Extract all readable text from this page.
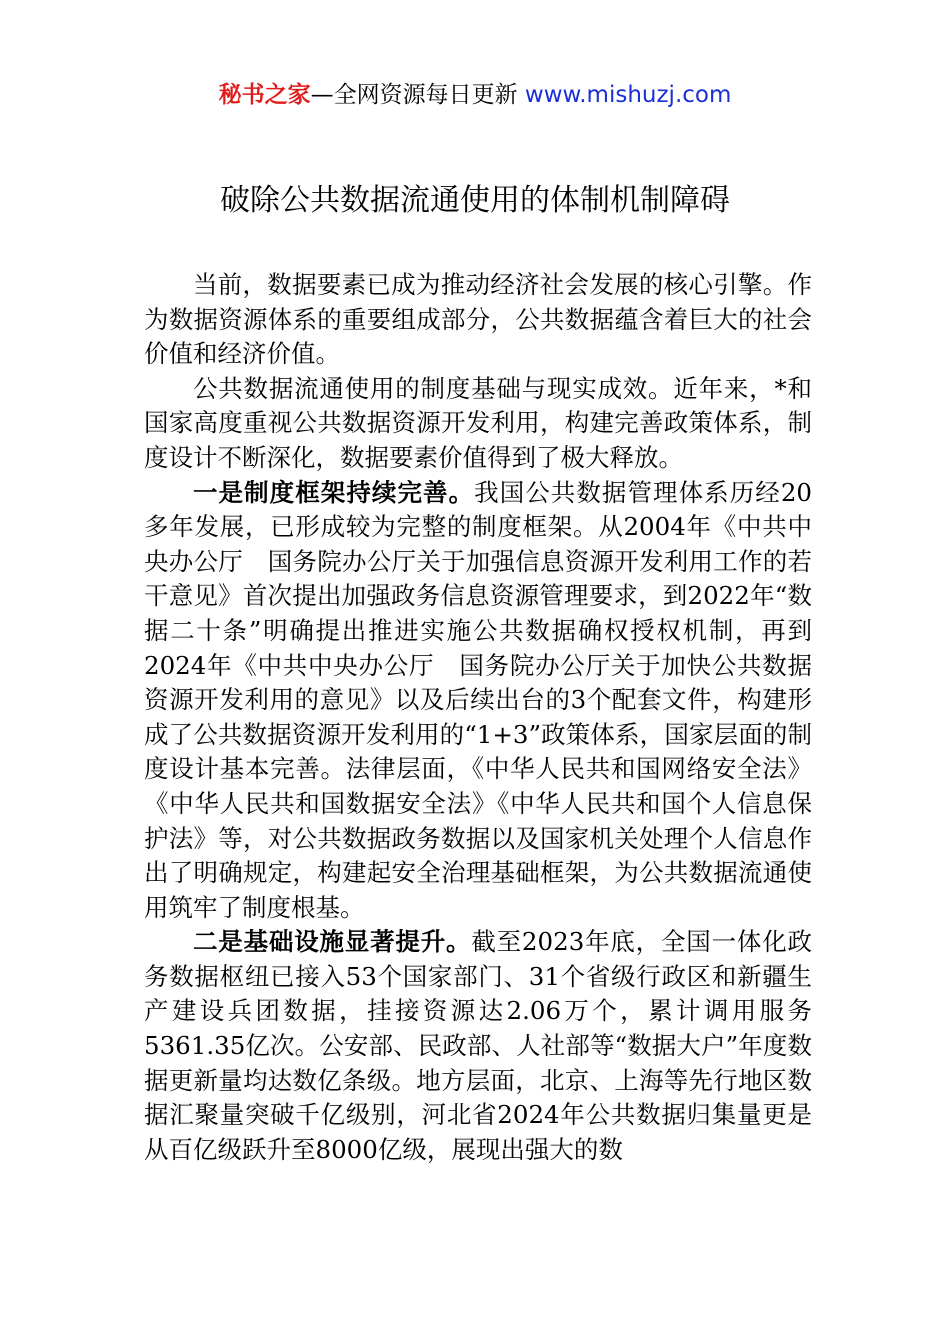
秘书之家—全网资源每日更新 www.mishuzj.com
破除公共数据流通使用的体制机制障碍

当前，数据要素已成为推动经济社会发展的核心引擎。作为数据资源体系的重要组成部分，公共数据蕴含着巨大的社会价值和经济价值。

公共数据流通使用的制度基础与现实成效。近年来，*和国家高度重视公共数据资源开发利用，构建完善政策体系，制度设计不断深化，数据要素价值得到了极大释放。

一是制度框架持续完善。我国公共数据管理体系历经20多年发展，已形成较为完整的制度框架。从2004年《中共中央办公厅　国务院办公厅关于加强信息资源开发利用工作的若干意见》首次提出加强政务信息资源管理要求，到2022年“数据二十条”明确提出推进实施公共数据确权授权机制，再到2024年《中共中央办公厅　国务院办公厅关于加快公共数据资源开发利用的意见》以及后续出台的3个配套文件，构建形成了公共数据资源开发利用的“1+3”政策体系，国家层面的制度设计基本完善。法律层面，《中华人民共和国网络安全法》《中华人民共和国数据安全法》《中华人民共和国个人信息保护法》等，对公共数据政务数据以及国家机关处理个人信息作出了明确规定，构建起安全治理基础框架，为公共数据流通使用筑牢了制度根基。

二是基础设施显著提升。截至2023年底，全国一体化政务数据枢纽已接入53个国家部门、31个省级行政区和新疆生产建设兵团数据，挂接资源达2.06万个，累计调用服务5361.35亿次。公安部、民政部、人社部等“数据大户”年度数据更新量均达数亿条级。地方层面，北京、上海等先行地区数据汇聚量突破千亿级别，河北省2024年公共数据归集量更是从百亿级跃升至8000亿级，展现出强大的数
